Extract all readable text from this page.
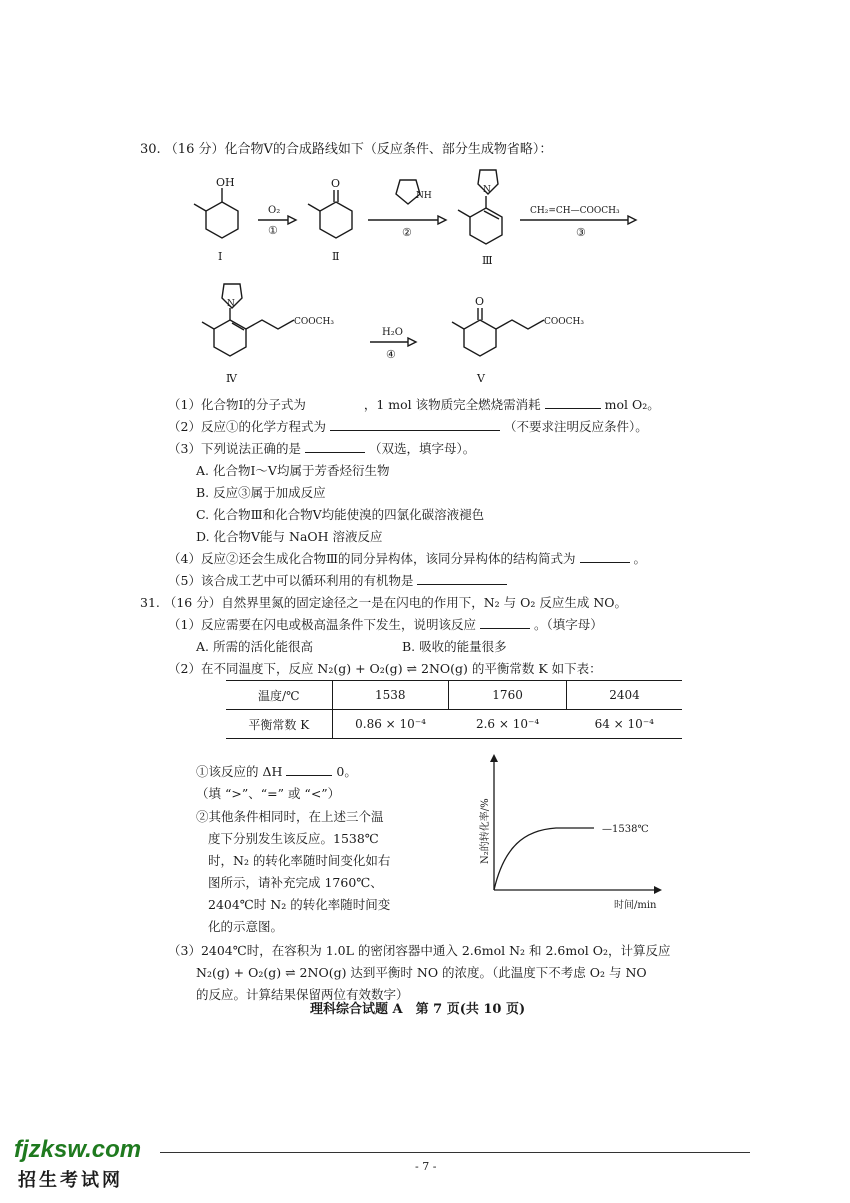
30. （16 分）化合物Ⅴ的合成路线如下（反应条件、部分生成物省略）：
OH
Ⅰ
O₂
①
O
Ⅱ
NH
②
N
Ⅲ
CH₂=CH—COOCH₃
③
N
COOCH₃
Ⅳ
H₂O
④
O
COOCH₃
Ⅴ
（1）化合物Ⅰ的分子式为	，1 mol 该物质完全燃烧需消耗	mol O₂。
（2）反应①的化学方程式为	（不要求注明反应条件）。
（3）下列说法正确的是	（双选，填字母）。
A. 化合物Ⅰ～Ⅴ均属于芳香烃衍生物
B. 反应③属于加成反应
C. 化合物Ⅲ和化合物Ⅴ均能使溴的四氯化碳溶液褪色
D. 化合物Ⅴ能与 NaOH 溶液反应
（4）反应②还会生成化合物Ⅲ的同分异构体，该同分异构体的结构简式为	。
（5）该合成工艺中可以循环利用的有机物是
31. （16 分）自然界里氮的固定途径之一是在闪电的作用下，N₂ 与 O₂ 反应生成 NO。
（1）反应需要在闪电或极高温条件下发生，说明该反应	。（填字母）
A. 所需的活化能很高	B. 吸收的能量很多
（2）在不同温度下，反应 N₂(g) + O₂(g) ⇌ 2NO(g) 的平衡常数 K 如下表：
温度/℃	1538	1760	2404
平衡常数 K	0.86 × 10⁻⁴	2.6 × 10⁻⁴	64 × 10⁻⁴
①该反应的 ΔH	0。
（填 “>”、“=” 或 “<”）
②其他条件相同时，在上述三个温
度下分别发生该反应。1538℃
时，N₂ 的转化率随时间变化如右
图所示，请补充完成 1760℃、
2404℃时 N₂ 的转化率随时间变
化的示意图。
N₂的转化率/%	—1538℃
时间/min
（3）2404℃时，在容积为 1.0L 的密闭容器中通入 2.6mol N₂ 和 2.6mol O₂，计算反应
N₂(g) + O₂(g) ⇌ 2NO(g) 达到平衡时 NO 的浓度。（此温度下不考虑 O₂ 与 NO
的反应。计算结果保留两位有效数字）
理科综合试题 A　第 7 页(共 10 页)
fjzksw.com
招生考试网
- 7 -
